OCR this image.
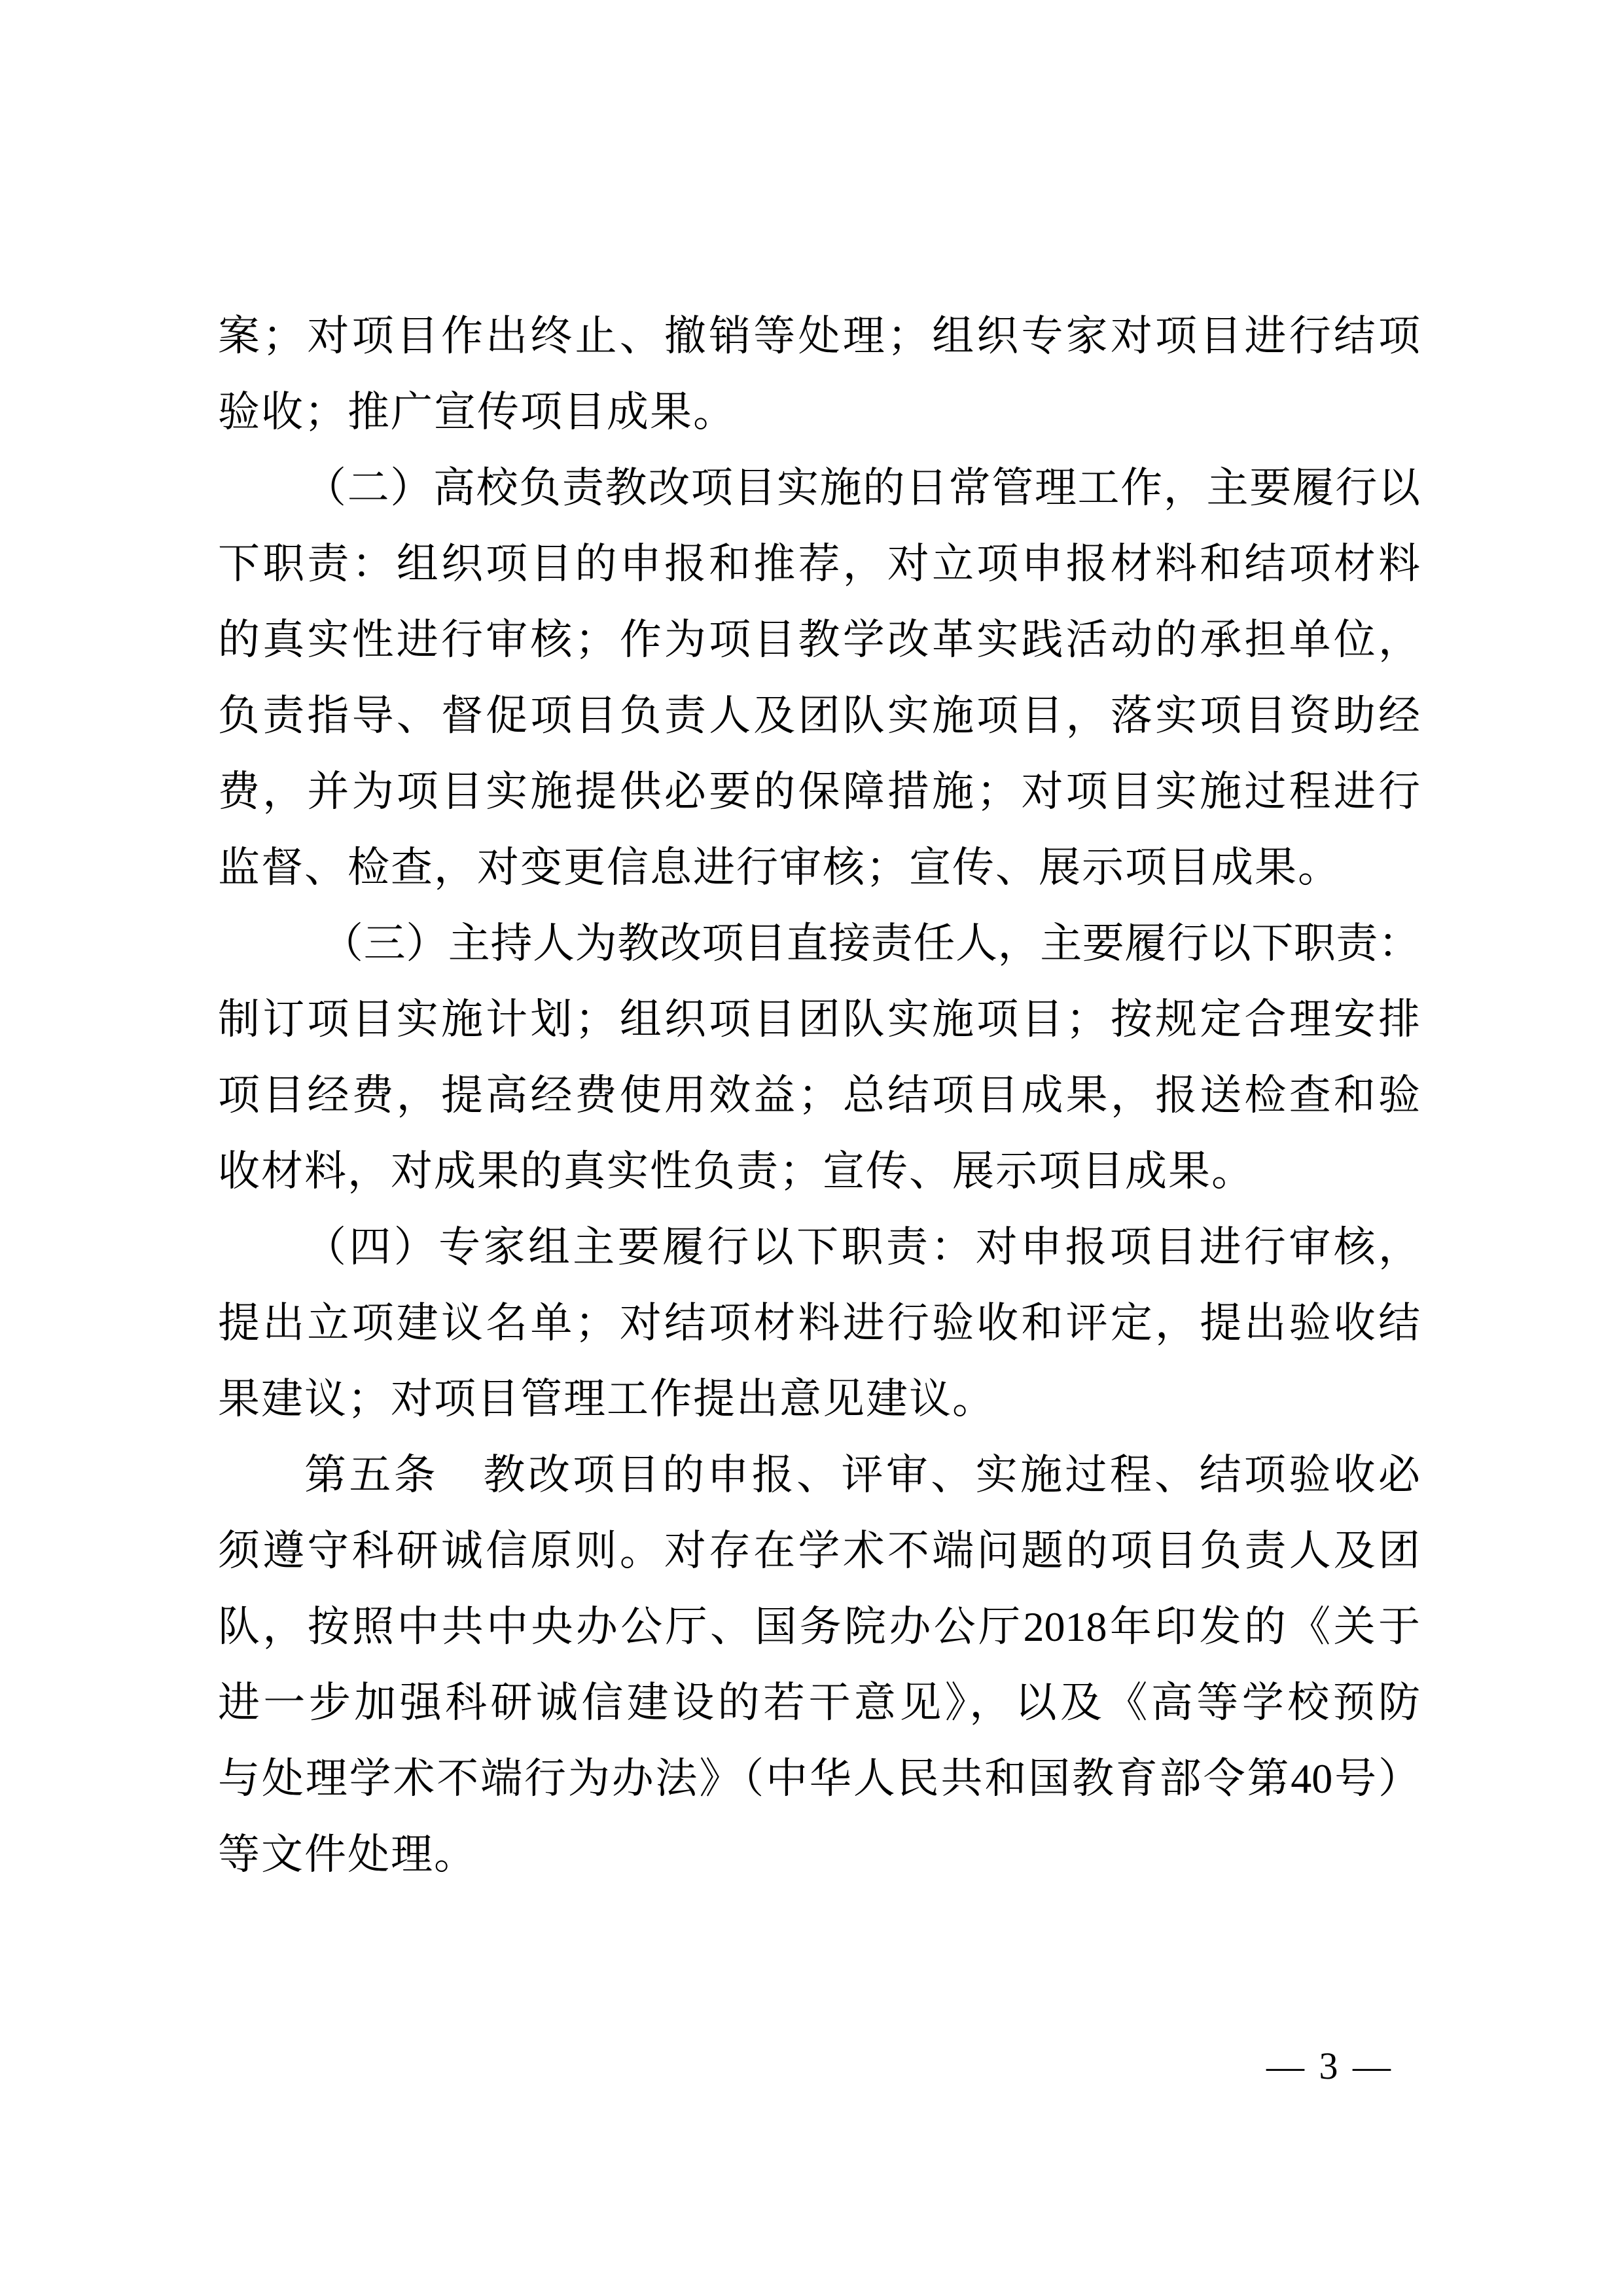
案；对项目作出终止、撤销等处理；组织专家对项目进行结项
验收；推广宣传项目成果。
（二）高校负责教改项目实施的日常管理工作，主要履行以
下职责：组织项目的申报和推荐，对立项申报材料和结项材料
的真实性进行审核；作为项目教学改革实践活动的承担单位，
负责指导、督促项目负责人及团队实施项目，落实项目资助经
费，并为项目实施提供必要的保障措施；对项目实施过程进行
监督、检查，对变更信息进行审核；宣传、展示项目成果。
（三）主持人为教改项目直接责任人，主要履行以下职责：
制订项目实施计划；组织项目团队实施项目；按规定合理安排
项目经费，提高经费使用效益；总结项目成果，报送检查和验
收材料，对成果的真实性负责；宣传、展示项目成果。
（四）专家组主要履行以下职责：对申报项目进行审核，
提出立项建议名单；对结项材料进行验收和评定，提出验收结
果建议；对项目管理工作提出意见建议。
第五条　教改项目的申报、评审、实施过程、结项验收必
须遵守科研诚信原则。对存在学术不端问题的项目负责人及团
队，按照中共中央办公厅、国务院办公厅2018年印发的《关于
进一步加强科研诚信建设的若干意见》，以及《高等学校预防
与处理学术不端行为办法》（中华人民共和国教育部令第40号）
等文件处理。
— 3 —
